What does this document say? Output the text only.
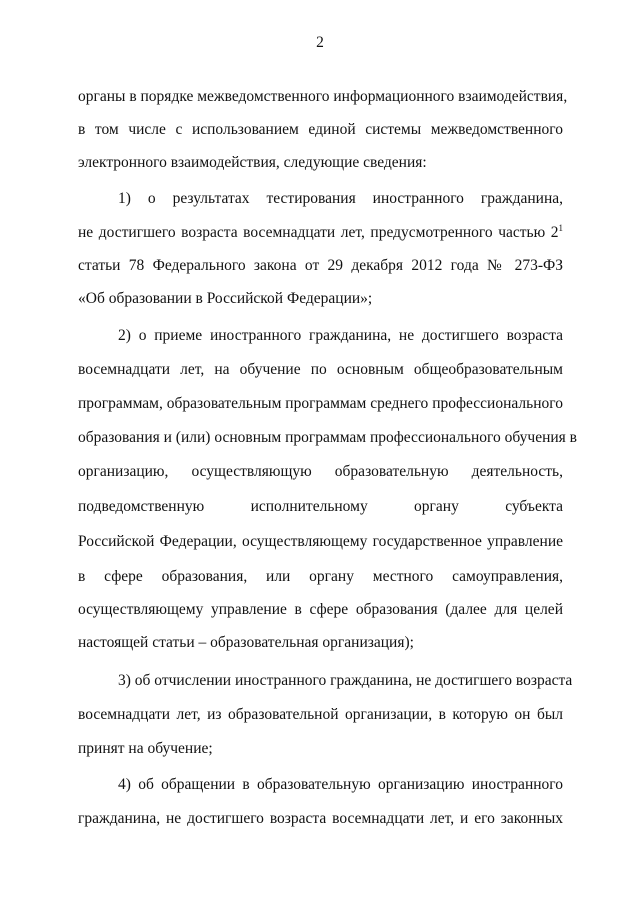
2
органы в порядке межведомственного информационного взаимодействия,
в том числе с использованием единой системы межведомственного
электронного взаимодействия, следующие сведения:
1) о результатах тестирования иностранного гражданина,
не достигшего возраста восемнадцати лет, предусмотренного частью $2^1$
статьи 78 Федерального закона от 29 декабря 2012 года № 273-ФЗ
«Об образовании в Российской Федерации»;
2) о приеме иностранного гражданина, не достигшего возраста
восемнадцати лет, на обучение по основным общеобразовательным
программам, образовательным программам среднего профессионального
образования и (или) основным программам профессионального обучения в
организацию, осуществляющую образовательную деятельность,
подведомственную исполнительному органу субъекта
Российской Федерации, осуществляющему государственное управление
в сфере образования, или органу местного самоуправления,
осуществляющему управление в сфере образования (далее для целей
настоящей статьи – образовательная организация);
3) об отчислении иностранного гражданина, не достигшего возраста
восемнадцати лет, из образовательной организации, в которую он был
принят на обучение;
4) об обращении в образовательную организацию иностранного
гражданина, не достигшего возраста восемнадцати лет, и его законных
